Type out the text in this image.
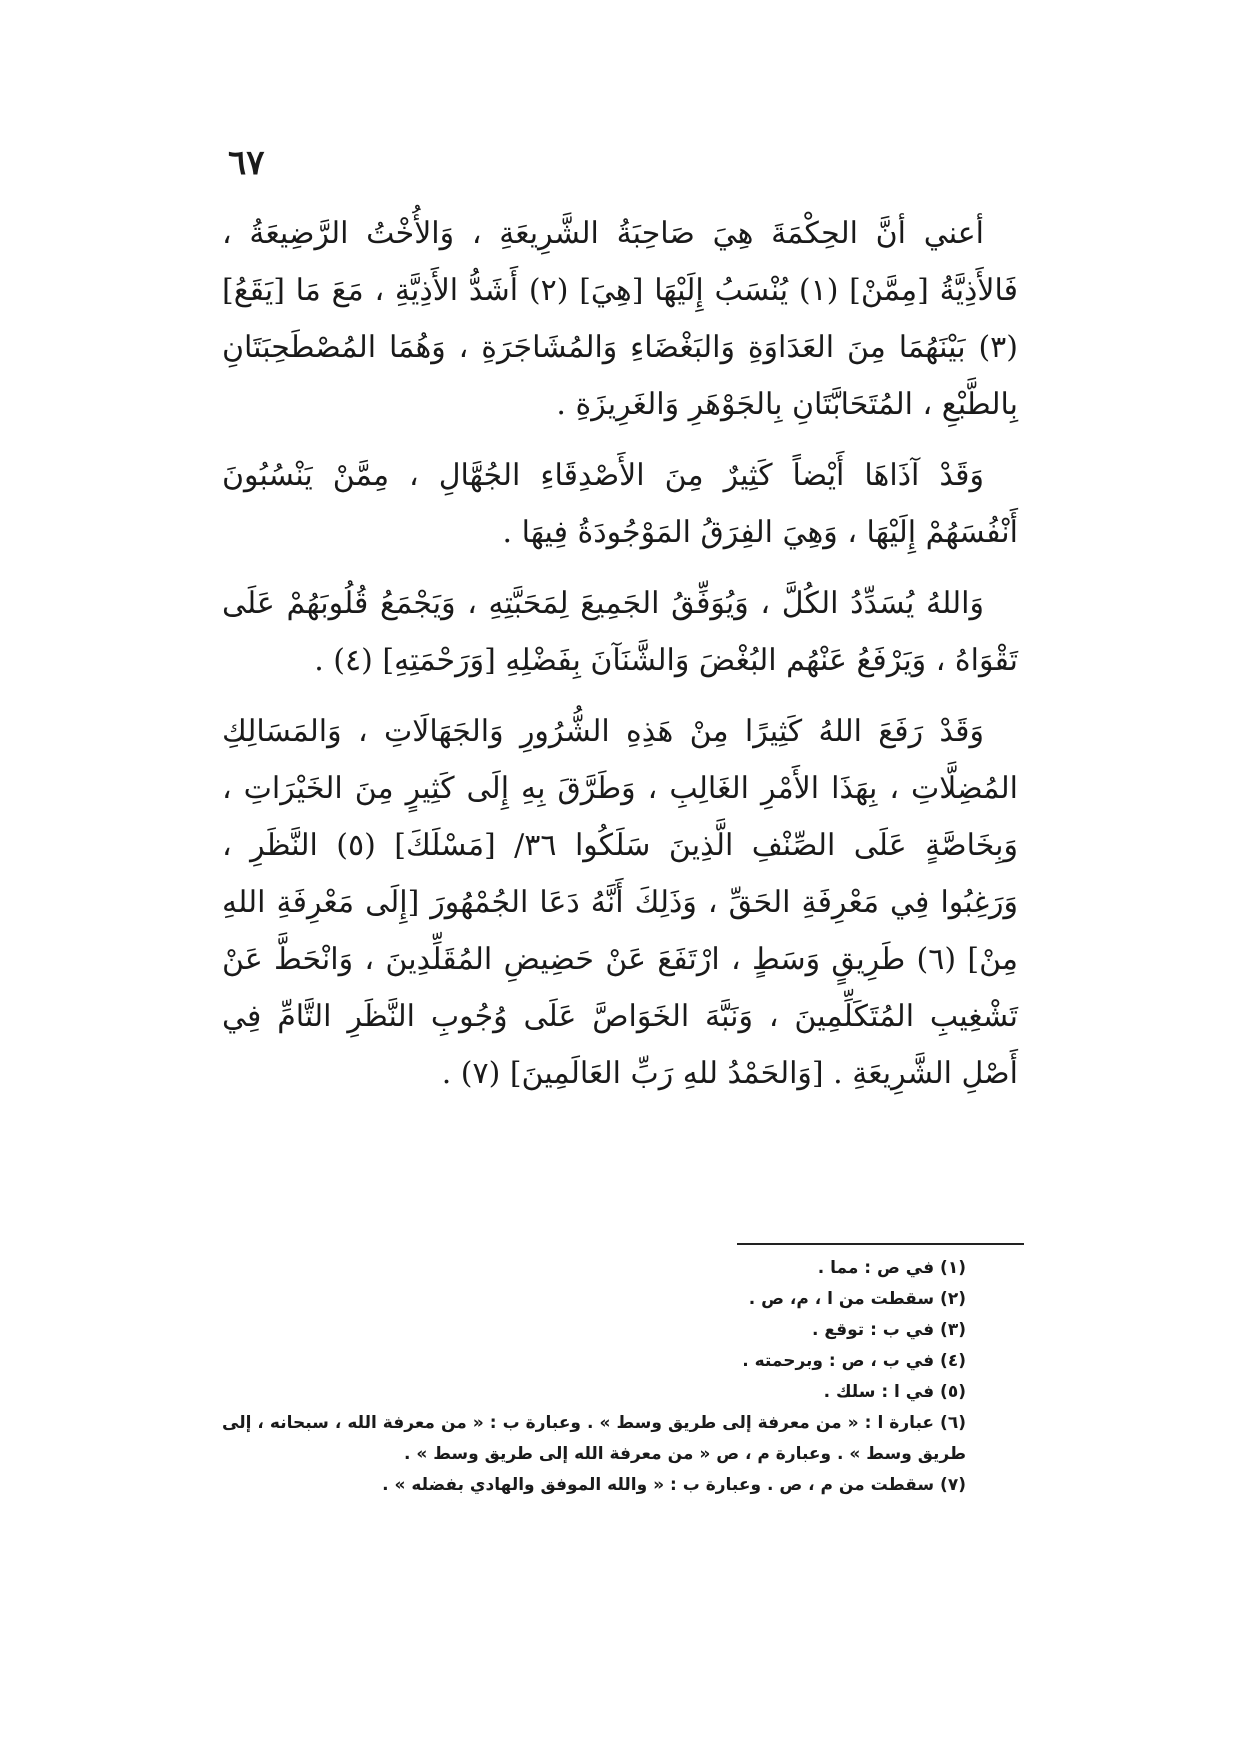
٦٧

أعني أنَّ الحِكْمَةَ هِيَ صَاحِبَةُ الشَّرِيعَةِ ، وَالأُخْتُ الرَّضِيعَةُ ، فَالأَذِيَّةُ [مِمَّنْ] (١) يُنْسَبُ إِلَيْهَا [هِيَ] (٢) أَشَدُّ الأَذِيَّةِ ، مَعَ مَا [يَقَعُ] (٣) بَيْنَهُمَا مِنَ العَدَاوَةِ وَالبَغْضَاءِ وَالمُشَاجَرَةِ ، وَهُمَا المُصْطَحِبَتَانِ بِالطَّبْعِ ، المُتَحَابَّتَانِ بِالجَوْهَرِ وَالغَرِيزَةِ .

وَقَدْ آذَاهَا أَيْضاً كَثِيرٌ مِنَ الأَصْدِقَاءِ الجُهَّالِ ، مِمَّنْ يَنْسُبُونَ أَنْفُسَهُمْ إِلَيْهَا ، وَهِيَ الفِرَقُ المَوْجُودَةُ فِيهَا .

وَاللهُ يُسَدِّدُ الكُلَّ ، وَيُوَفِّقُ الجَمِيعَ لِمَحَبَّتِهِ ، وَيَجْمَعُ قُلُوبَهُمْ عَلَى تَقْوَاهُ ، وَيَرْفَعُ عَنْهُم البُغْضَ وَالشَّنَآنَ بِفَضْلِهِ [وَرَحْمَتِهِ] (٤) .

وَقَدْ رَفَعَ اللهُ كَثِيرًا مِنْ هَذِهِ الشُّرُورِ وَالجَهَالَاتِ ، وَالمَسَالِكِ المُضِلَّاتِ ، بِهَذَا الأَمْرِ الغَالِبِ ، وَطَرَّقَ بِهِ إِلَى كَثِيرٍ مِنَ الخَيْرَاتِ ، وَبِخَاصَّةٍ عَلَى الصِّنْفِ الَّذِينَ سَلَكُوا ٣٦/ [مَسْلَكَ] (٥) النَّظَرِ ، وَرَغِبُوا فِي مَعْرِفَةِ الحَقِّ ، وَذَلِكَ أَنَّهُ دَعَا الجُمْهُورَ [إِلَى مَعْرِفَةِ اللهِ مِنْ] (٦) طَرِيقٍ وَسَطٍ ، ارْتَفَعَ عَنْ حَضِيضِ المُقَلِّدِينَ ، وَانْحَطَّ عَنْ تَشْغِيبِ المُتَكَلِّمِينَ ، وَنَبَّهَ الخَوَاصَّ عَلَى وُجُوبِ النَّظَرِ التَّامِّ فِي أَصْلِ الشَّرِيعَةِ . [وَالحَمْدُ للهِ رَبِّ العَالَمِينَ] (٧) .

(١) في ص : مما .

(٢) سقطت من ا ، م، ص .

(٣) في ب : توقع .

(٤) في ب ، ص : وبرحمته .

(٥) في ا : سلك .

(٦) عبارة ا : « من معرفة إلى طريق وسط » . وعبارة ب : « من معرفة الله ، سبحانه ، إلى طريق وسط » . وعبارة م ، ص « من معرفة الله إلى طريق وسط » .

(٧) سقطت من م ، ص . وعبارة ب : « والله الموفق والهادي بفضله » .
